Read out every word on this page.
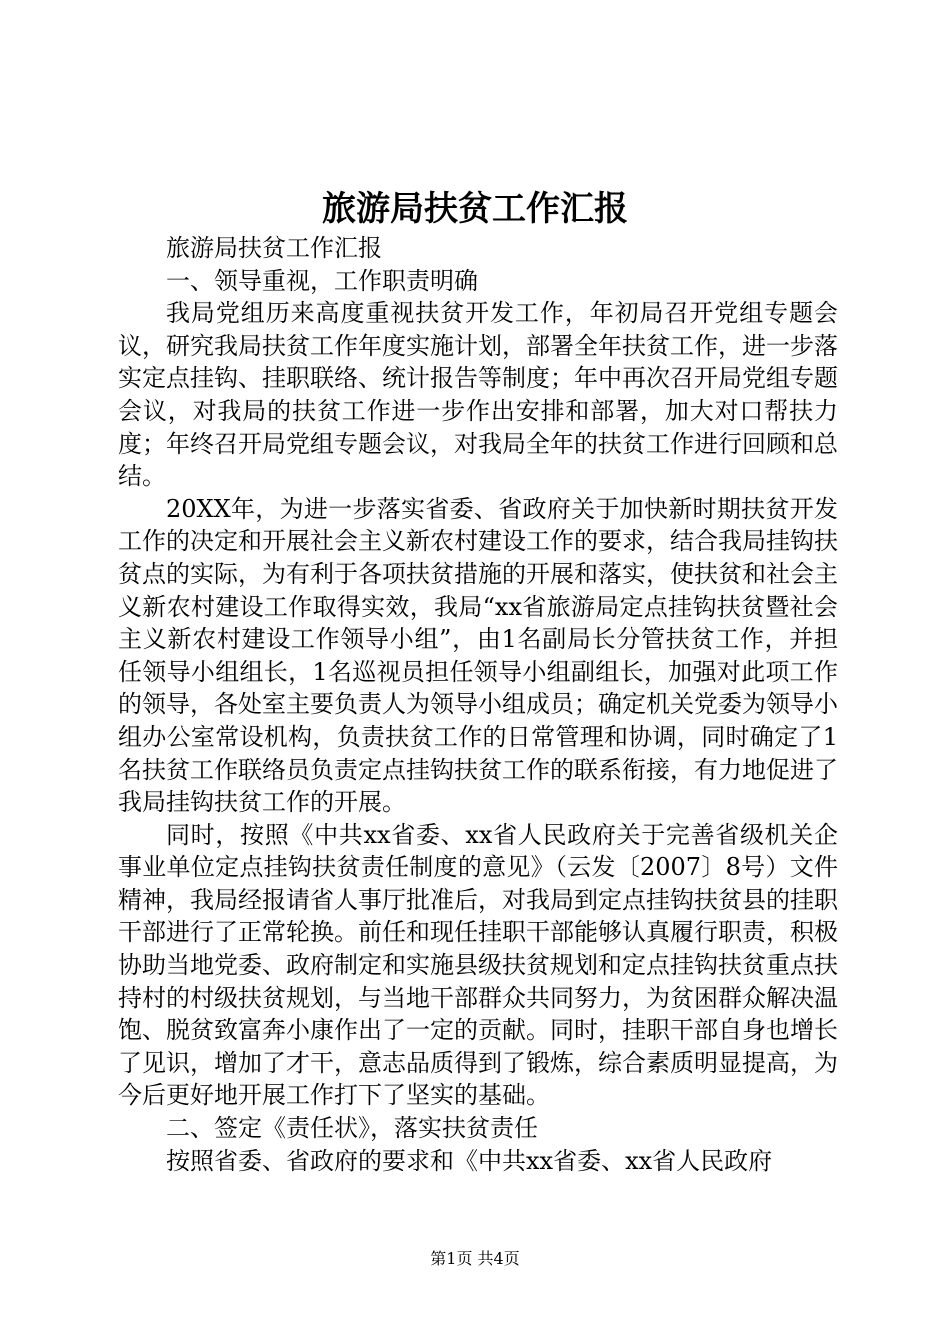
旅游局扶贫工作汇报

旅游局扶贫工作汇报

一、领导重视，工作职责明确

我局党组历来高度重视扶贫开发工作，年初局召开党组专题会议，研究我局扶贫工作年度实施计划，部署全年扶贫工作，进一步落实定点挂钩、挂职联络、统计报告等制度；年中再次召开局党组专题会议，对我局的扶贫工作进一步作出安排和部署，加大对口帮扶力度；年终召开局党组专题会议，对我局全年的扶贫工作进行回顾和总结。

20XX年，为进一步落实省委、省政府关于加快新时期扶贫开发工作的决定和开展社会主义新农村建设工作的要求，结合我局挂钩扶贫点的实际，为有利于各项扶贫措施的开展和落实，使扶贫和社会主义新农村建设工作取得实效，我局“xx省旅游局定点挂钩扶贫暨社会主义新农村建设工作领导小组”，由1名副局长分管扶贫工作，并担任领导小组组长，1名巡视员担任领导小组副组长，加强对此项工作的领导，各处室主要负责人为领导小组成员；确定机关党委为领导小组办公室常设机构，负责扶贫工作的日常管理和协调，同时确定了1名扶贫工作联络员负责定点挂钩扶贫工作的联系衔接，有力地促进了我局挂钩扶贫工作的开展。

同时，按照《中共xx省委、xx省人民政府关于完善省级机关企事业单位定点挂钩扶贫责任制度的意见》（云发〔2007〕8号）文件精神，我局经报请省人事厅批准后，对我局到定点挂钩扶贫县的挂职干部进行了正常轮换。前任和现任挂职干部能够认真履行职责，积极协助当地党委、政府制定和实施县级扶贫规划和定点挂钩扶贫重点扶持村的村级扶贫规划，与当地干部群众共同努力，为贫困群众解决温饱、脱贫致富奔小康作出了一定的贡献。同时，挂职干部自身也增长了见识，增加了才干，意志品质得到了锻炼，综合素质明显提高，为今后更好地开展工作打下了坚实的基础。

二、签定《责任状》，落实扶贫责任

按照省委、省政府的要求和《中共xx省委、xx省人民政府

第1页 共4页
